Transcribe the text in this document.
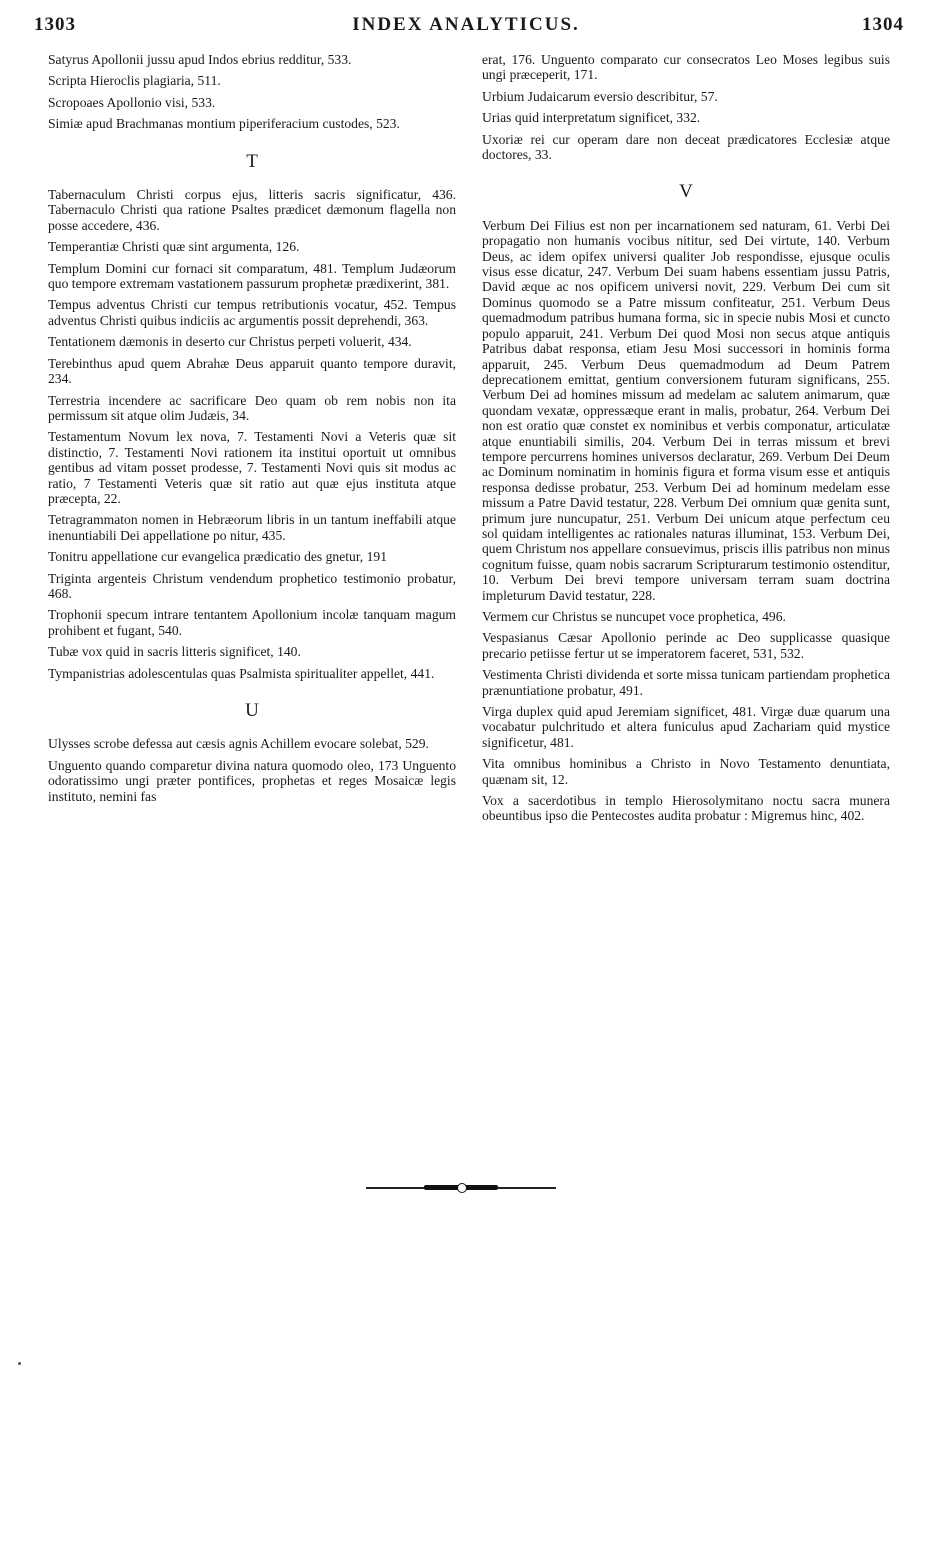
1303	INDEX ANALYTICUS.	1304

Satyrus Apollonii jussu apud Indos ebrius redditur, 533.

Scripta Hieroclis plagiaria, 511.

Scropoaes Apollonio visi, 533.

Simiæ apud Brachmanas montium piperiferacium custodes, 523.

T

Tabernaculum Christi corpus ejus, litteris sacris significatur, 436. Tabernaculo Christi qua ratione Psaltes prædicet dæmonum flagella non posse accedere, 436.

Temperantiæ Christi quæ sint argumenta, 126.

Templum Domini cur fornaci sit comparatum, 481. Templum Judæorum quo tempore extremam vastationem passurum prophetæ prædixerint, 381.

Tempus adventus Christi cur tempus retributionis vocatur, 452. Tempus adventus Christi quibus indiciis ac argumentis possit deprehendi, 363.

Tentationem dæmonis in deserto cur Christus perpeti voluerit, 434.

Terebinthus apud quem Abrahæ Deus apparuit quanto tempore duravit, 234.

Terrestria incendere ac sacrificare Deo quam ob rem nobis non ita permissum sit atque olim Judæis, 34.

Testamentum Novum lex nova, 7. Testamenti Novi a Veteris quæ sit distinctio, 7. Testamenti Novi rationem ita institui oportuit ut omnibus gentibus ad vitam posset prodesse, 7. Testamenti Novi quis sit modus ac ratio, 7 Testamenti Veteris quæ sit ratio aut quæ ejus instituta atque præcepta, 22.

Tetragrammaton nomen in Hebræorum libris in un tantum ineffabili atque inenuntiabili Dei appellatione po nitur, 435.

Tonitru appellatione cur evangelica prædicatio des gnetur, 191

Triginta argenteis Christum vendendum prophetico testimonio probatur, 468.

Trophonii specum intrare tentantem Apollonium incolæ tanquam magum prohibent et fugant, 540.

Tubæ vox quid in sacris litteris significet, 140.

Tympanistrias adolescentulas quas Psalmista spiritualiter appellet, 441.

U

Ulysses scrobe defessa aut cæsis agnis Achillem evocare solebat, 529.

Unguento quando comparetur divina natura quomodo oleo, 173 Unguento odoratissimo ungi præter pontifices, prophetas et reges Mosaicæ legis instituto, nemini fas

erat, 176. Unguento comparato cur consecratos Leo Moses legibus suis ungi præceperit, 171.

Urbium Judaicarum eversio describitur, 57.

Urias quid interpretatum significet, 332.

Uxoriæ rei cur operam dare non deceat prædicatores Ecclesiæ atque doctores, 33.

V

Verbum Dei Filius est non per incarnationem sed naturam, 61. Verbi Dei propagatio non humanis vocibus nititur, sed Dei virtute, 140. Verbum Deus, ac idem opifex universi qualiter Job respondisse, ejusque oculis visus esse dicatur, 247. Verbum Dei suam habens essentiam jussu Patris, David æque ac nos opificem universi novit, 229. Verbum Dei cum sit Dominus quomodo se a Patre missum confiteatur, 251. Verbum Deus quemadmodum patribus humana forma, sic in specie nubis Mosi et cuncto populo apparuit, 241. Verbum Dei quod Mosi non secus atque antiquis Patribus dabat responsa, etiam Jesu Mosi successori in hominis forma apparuit, 245. Verbum Deus quemadmodum ad Deum Patrem deprecationem emittat, gentium conversionem futuram significans, 255. Verbum Dei ad homines missum ad medelam ac salutem animarum, quæ quondam vexatæ, oppressæque erant in malis, probatur, 264. Verbum Dei non est oratio quæ constet ex nominibus et verbis componatur, articulatæ atque enuntiabili similis, 204. Verbum Dei in terras missum et brevi tempore percurrens homines universos declaratur, 269. Verbum Dei Deum ac Dominum nominatim in hominis figura et forma visum esse et antiquis responsa dedisse probatur, 253. Verbum Dei ad hominum medelam esse missum a Patre David testatur, 228. Verbum Dei omnium quæ genita sunt, primum jure nuncupatur, 251. Verbum Dei unicum atque perfectum ceu sol quidam intelligentes ac rationales naturas illuminat, 153. Verbum Dei, quem Christum nos appellare consuevimus, priscis illis patribus non minus cognitum fuisse, quam nobis sacrarum Scripturarum testimonio ostenditur, 10. Verbum Dei brevi tempore universam terram suam doctrina impleturum David testatur, 228.

Vermem cur Christus se nuncupet voce prophetica, 496.

Vespasianus Cæsar Apollonio perinde ac Deo supplicasse quasique precario petiisse fertur ut se imperatorem faceret, 531, 532.

Vestimenta Christi dividenda et sorte missa tunicam partiendam prophetica prænuntiatione probatur, 491.

Virga duplex quid apud Jeremiam significet, 481. Virgæ duæ quarum una vocabatur pulchritudo et altera funiculus apud Zachariam quid mystice significetur, 481.

Vita omnibus hominibus a Christo in Novo Testamento denuntiata, quænam sit, 12.

Vox a sacerdotibus in templo Hierosolymitano noctu sacra munera obeuntibus ipso die Pentecostes audita probatur : Migremus hinc, 402.
